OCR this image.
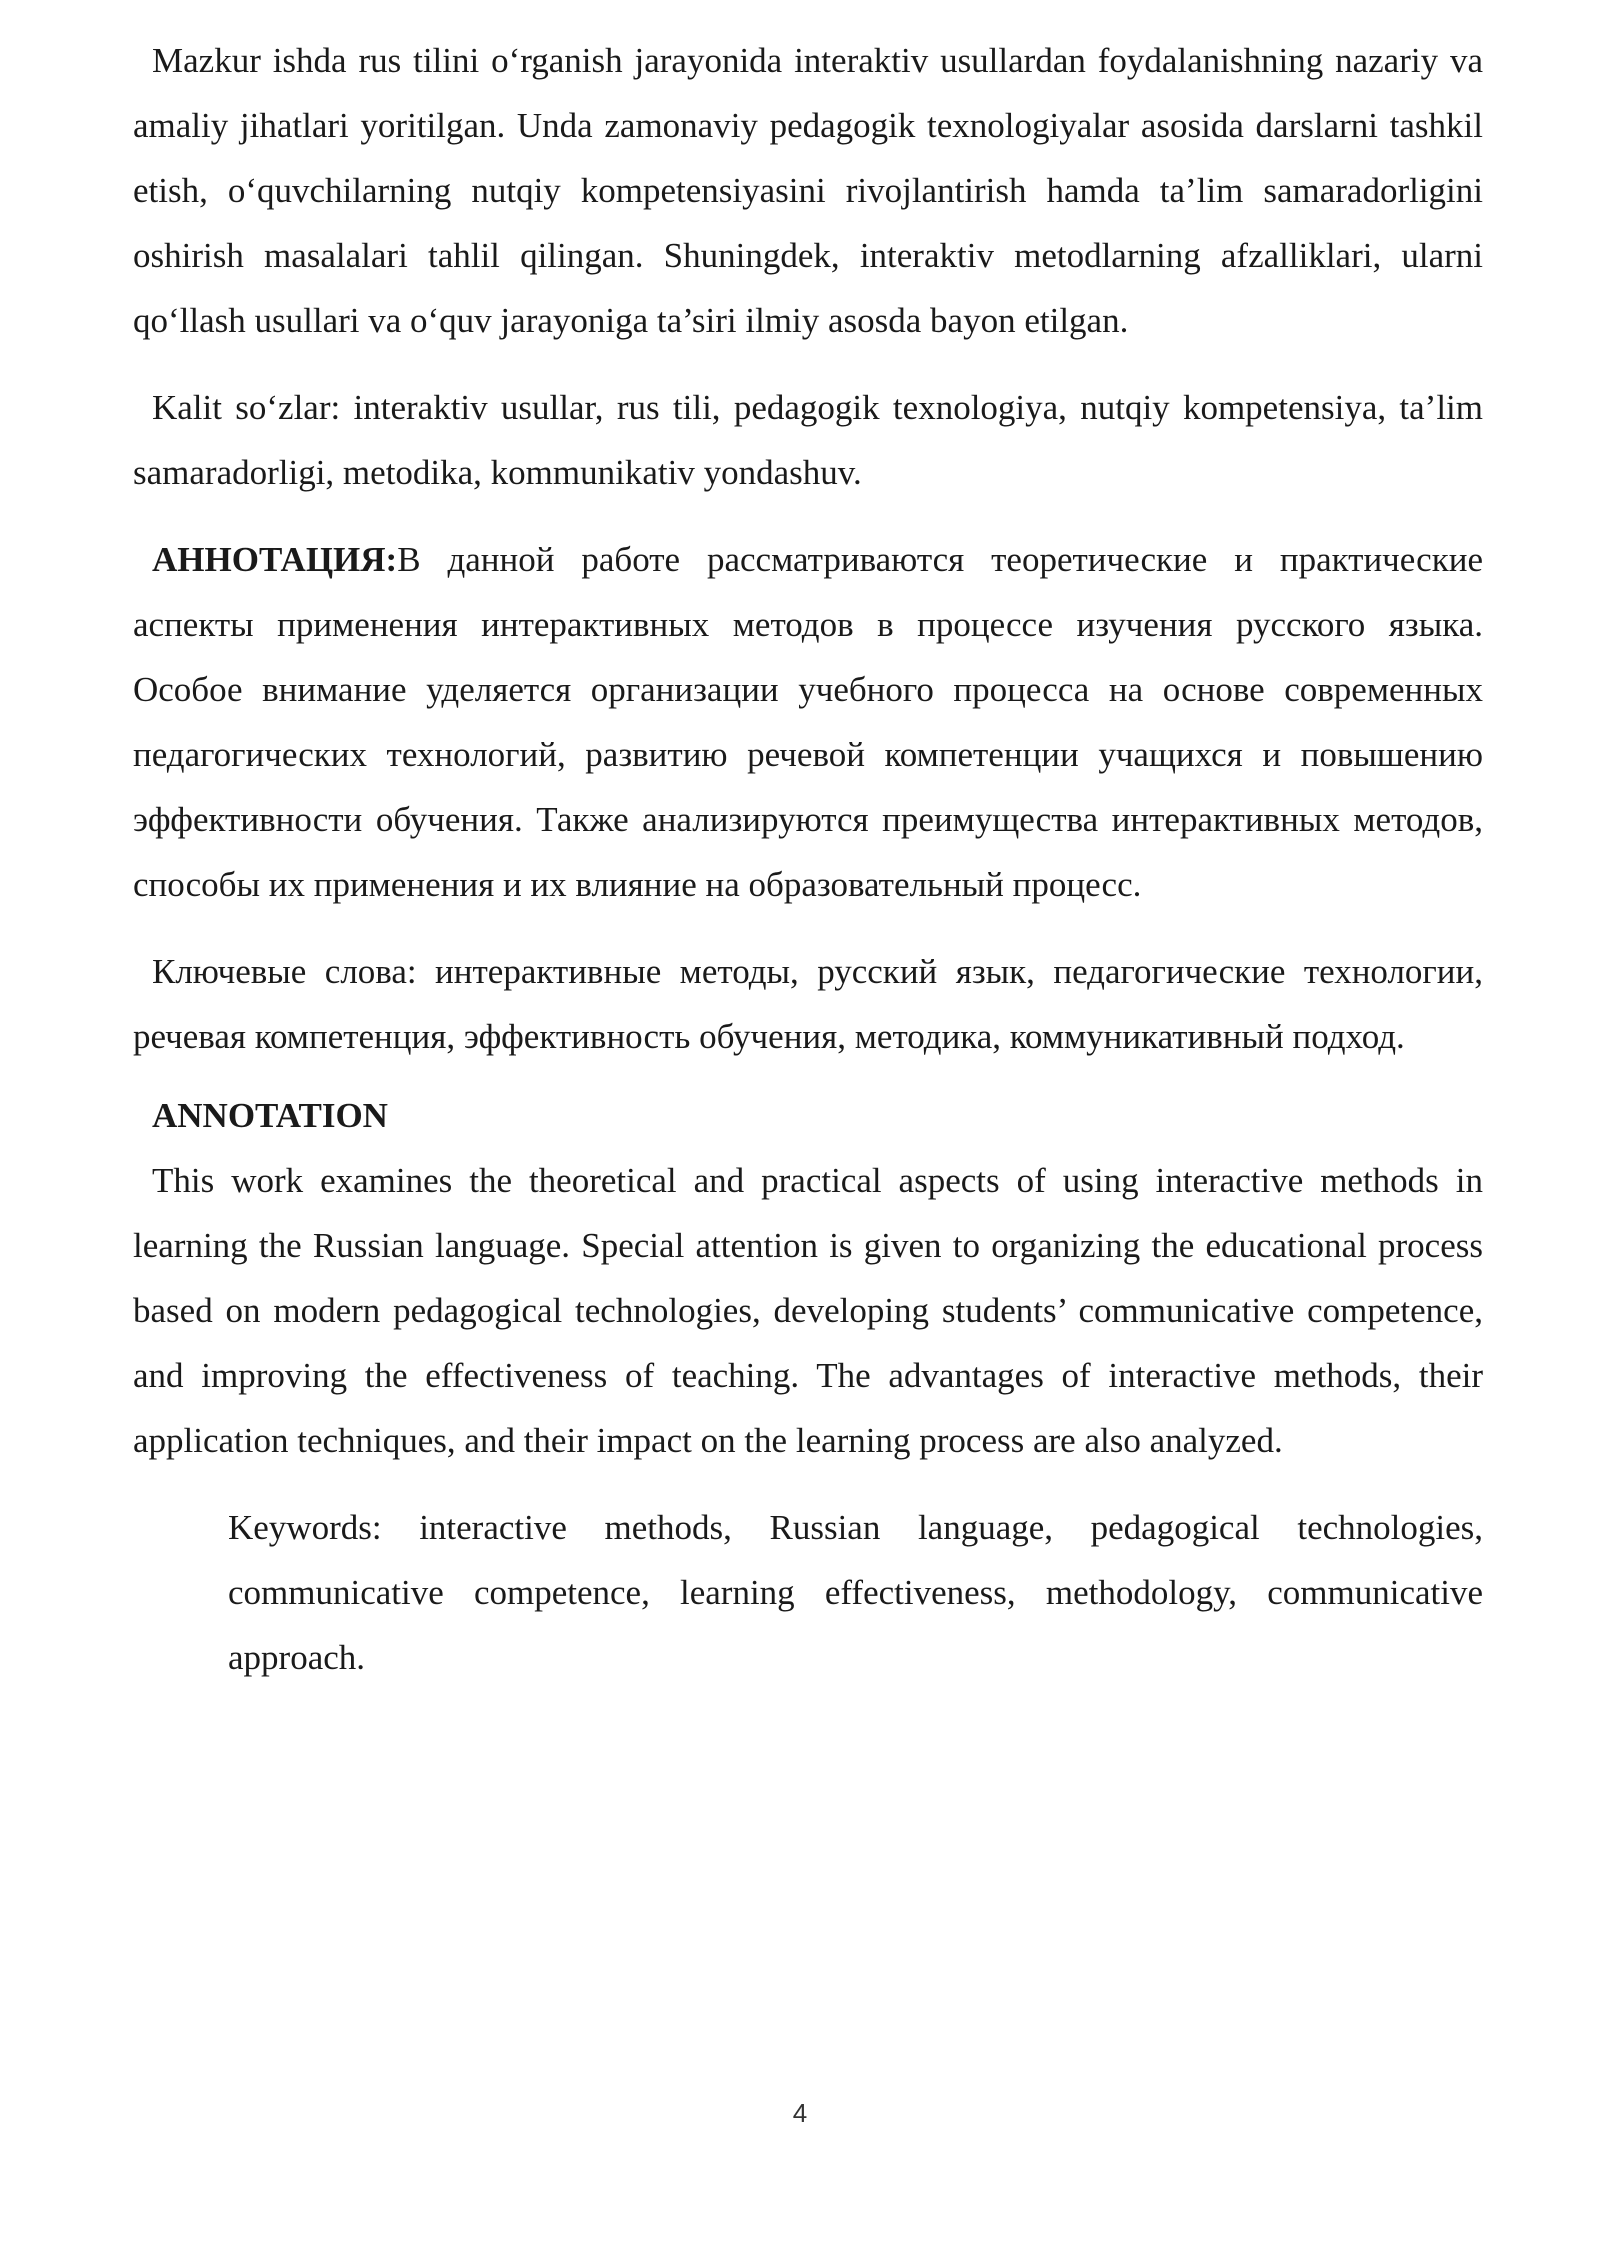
Mazkur ishda rus tilini o‘rganish jarayonida interaktiv usullardan foydalanishning nazariy va amaliy jihatlari yoritilgan. Unda zamonaviy pedagogik texnologiyalar asosida darslarni tashkil etish, o‘quvchilarning nutqiy kompetensiyasini rivojlantirish hamda ta’lim samaradorligini oshirish masalalari tahlil qilingan. Shuningdek, interaktiv metodlarning afzalliklari, ularni qo‘llash usullari va o‘quv jarayoniga ta’siri ilmiy asosda bayon etilgan.

Kalit so‘zlar: interaktiv usullar, rus tili, pedagogik texnologiya, nutqiy kompetensiya, ta’lim samaradorligi, metodika, kommunikativ yondashuv.

АННОТАЦИЯ:В данной работе рассматриваются теоретические и практические аспекты применения интерактивных методов в процессе изучения русского языка. Особое внимание уделяется организации учебного процесса на основе современных педагогических технологий, развитию речевой компетенции учащихся и повышению эффективности обучения. Также анализируются преимущества интерактивных методов, способы их применения и их влияние на образовательный процесс.

Ключевые слова: интерактивные методы, русский язык, педагогические технологии, речевая компетенция, эффективность обучения, методика, коммуникативный подход.

ANNOTATION

This work examines the theoretical and practical aspects of using interactive methods in learning the Russian language. Special attention is given to organizing the educational process based on modern pedagogical technologies, developing students’ communicative competence, and improving the effectiveness of teaching. The advantages of interactive methods, their application techniques, and their impact on the learning process are also analyzed.

Keywords: interactive methods, Russian language, pedagogical technologies, communicative competence, learning effectiveness, methodology, communicative approach.

4
